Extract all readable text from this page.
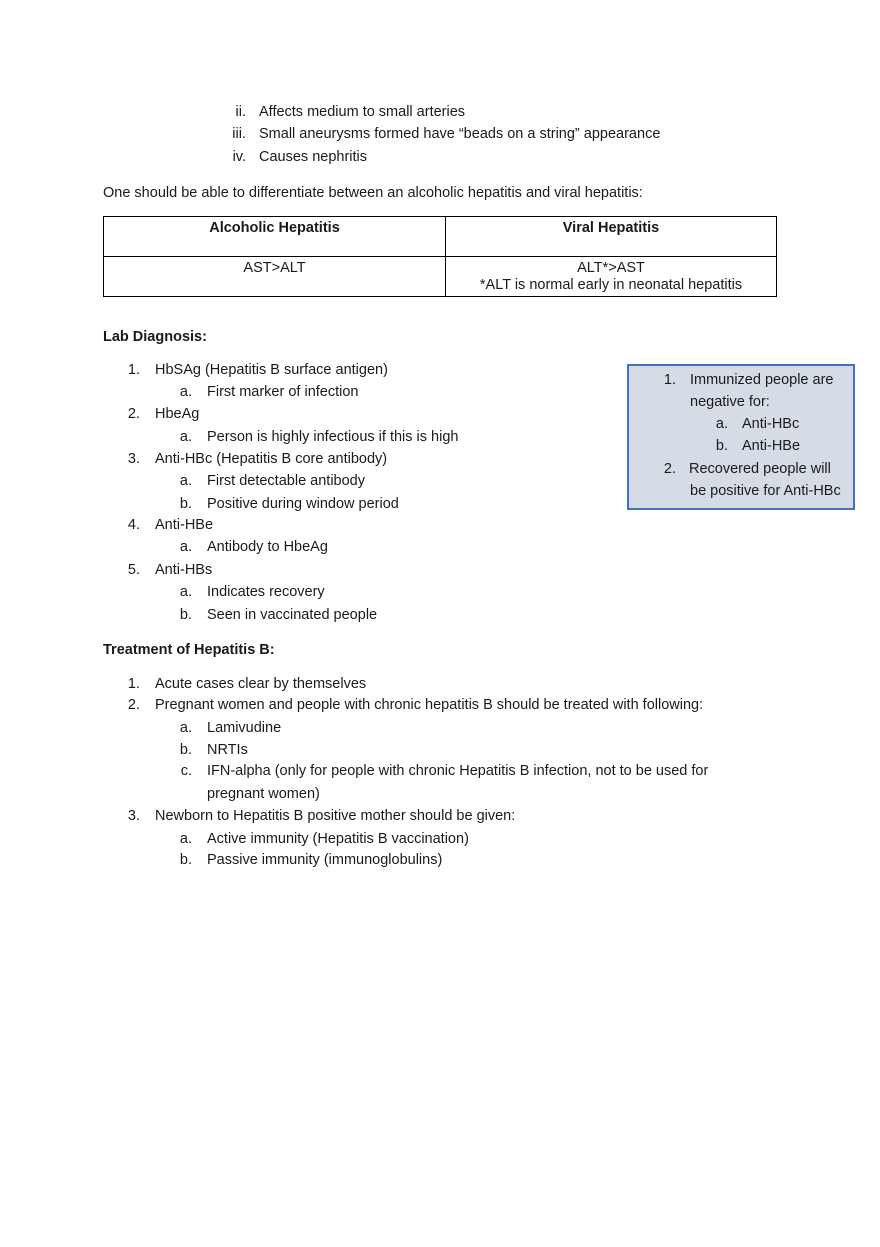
ii. Affects medium to small arteries
iii. Small aneurysms formed have “beads on a string” appearance
iv. Causes nephritis
One should be able to differentiate between an alcoholic hepatitis and viral hepatitis:
Alcoholic Hepatitis	Viral Hepatitis
AST>ALT	ALT*>AST
*ALT is normal early in neonatal hepatitis
Lab Diagnosis:
1. HbSAg (Hepatitis B surface antigen)
a. First marker of infection
2. HbeAg
a. Person is highly infectious if this is high
3. Anti-HBc (Hepatitis B core antibody)
a. First detectable antibody
b. Positive during window period
4. Anti-HBe
a. Antibody to HbeAg
5. Anti-HBs
a. Indicates recovery
b. Seen in vaccinated people
1. Immunized people are
negative for:
a. Anti-HBc
b. Anti-HBe
2. Recovered people will
be positive for Anti-HBc
Treatment of Hepatitis B:
1. Acute cases clear by themselves
2. Pregnant women and people with chronic hepatitis B should be treated with following:
a. Lamivudine
b. NRTIs
c. IFN-alpha (only for people with chronic Hepatitis B infection, not to be used for
pregnant women)
3. Newborn to Hepatitis B positive mother should be given:
a. Active immunity (Hepatitis B vaccination)
b. Passive immunity (immunoglobulins)
